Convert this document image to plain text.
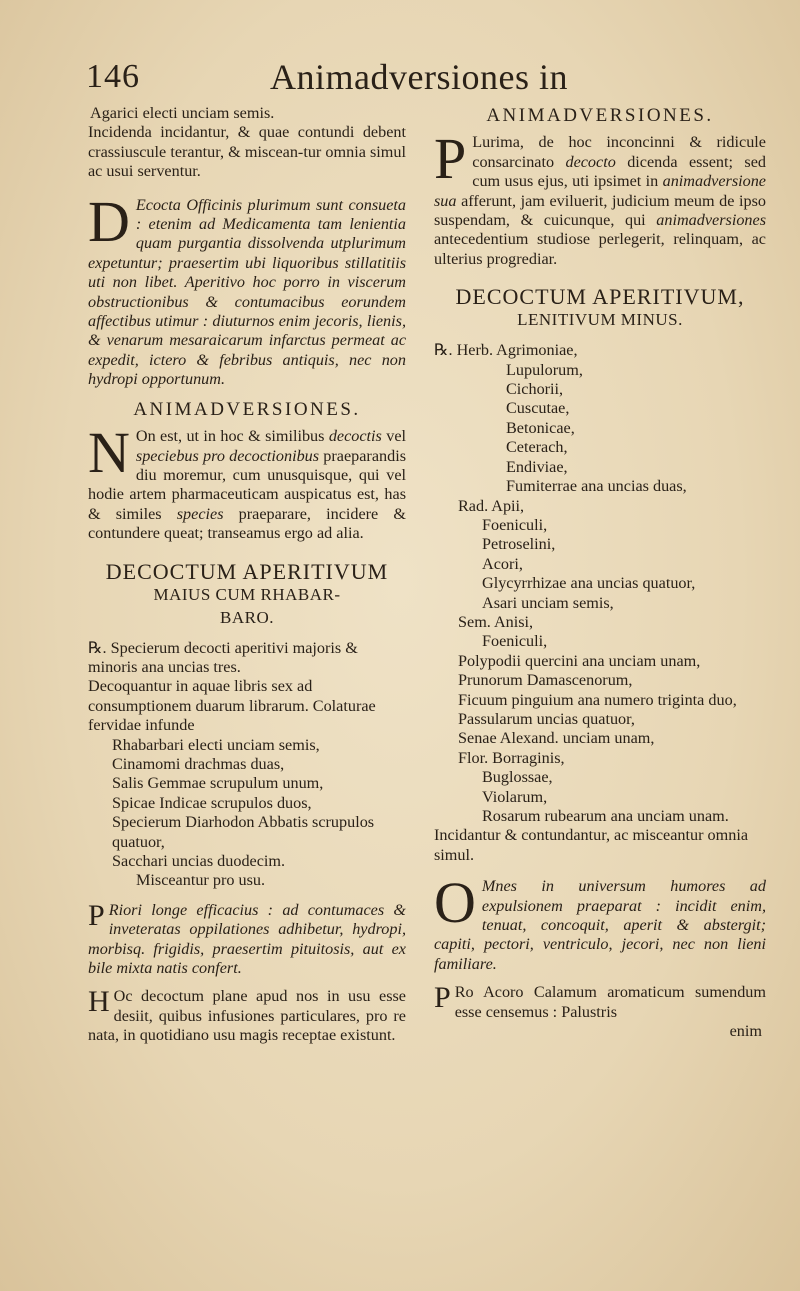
146	Animadversiones in

Agarici electi unciam semis.

Incidenda incidantur, & quae contundi debent crassiuscule terantur, & miscean-tur omnia simul ac usui serventur.

D Ecocta Officinis plurimum sunt consueta : etenim ad Medicamenta tam lenientia quam purgantia dissolvenda utplurimum expetuntur; praesertim ubi liquoribus stillatitiis uti non libet. Aperitivo hoc porro in viscerum obstructionibus & contumacibus eorundem affectibus utimur : diuturnos enim jecoris, lienis, & venarum mesaraicarum infarctus permeat ac expedit, ictero & febribus antiquis, nec non hydropi opportunum.

ANIMADVERSIONES.
N On est, ut in hoc & similibus decoctis vel speciebus pro decoctionibus praeparandis diu moremur, cum unusquisque, qui vel hodie artem pharmaceuticam auspicatus est, has & similes species praeparare, incidere & contundere queat; transeamus ergo ad alia.

DECOCTUM APERITIVUM
MAIUS CUM RHABAR-
BARO.

℞. Specierum decocti aperitivi majoris & minoris ana uncias tres.

Decoquantur in aquae libris sex ad consumptionem duarum librarum. Colaturae fervidae infunde

Rhabarbari electi unciam semis,

Cinamomi drachmas duas,

Salis Gemmae scrupulum unum,

Spicae Indicae scrupulos duos,

Specierum Diarhodon Abbatis scrupulos quatuor,

Sacchari uncias duodecim.

Misceantur pro usu.

P Riori longe efficacius : ad contumaces & inveteratas oppilationes adhibetur, hydropi, morbisq. frigidis, praesertim pituitosis, aut ex bile mixta natis confert.

H Oc decoctum plane apud nos in usu esse desiit, quibus infusiones particulares, pro re nata, in quotidiano usu magis receptae existunt.

ANIMADVERSIONES.
P Lurima, de hoc inconcinni & ridicule consarcinato decocto dicenda essent; sed cum usus ejus, uti ipsimet in animadversione sua afferunt, jam eviluerit, judicium meum de ipso suspendam, & cuicunque, qui animadversiones antecedentium studiose perlegerit, relinquam, ac ulterius progrediar.

DECOCTUM APERITIVUM,
LENITIVUM MINUS.

℞. Herb. Agrimoniae,

Lupulorum,

Cichorii,

Cuscutae,

Betonicae,

Ceterach,

Endiviae,

Fumiterrae ana uncias duas,

Rad. Apii,

Foeniculi,

Petroselini,

Acori,

Glycyrrhizae ana uncias quatuor,

Asari unciam semis,

Sem. Anisi,

Foeniculi,

Polypodii quercini ana unciam unam,

Prunorum Damascenorum,

Ficuum pinguium ana numero triginta duo,

Passularum uncias quatuor,

Senae Alexand. unciam unam,

Flor. Borraginis,

Buglossae,

Violarum,

Rosarum rubearum ana unciam unam.

Incidantur & contundantur, ac misceantur omnia simul.

O Mnes in universum humores ad expulsionem praeparat : incidit enim, tenuat, concoquit, aperit & abstergit; capiti, pectori, ventriculo, jecori, nec non lieni familiare.

P Ro Acoro Calamum aromaticum sumendum esse censemus : Palustris

enim
